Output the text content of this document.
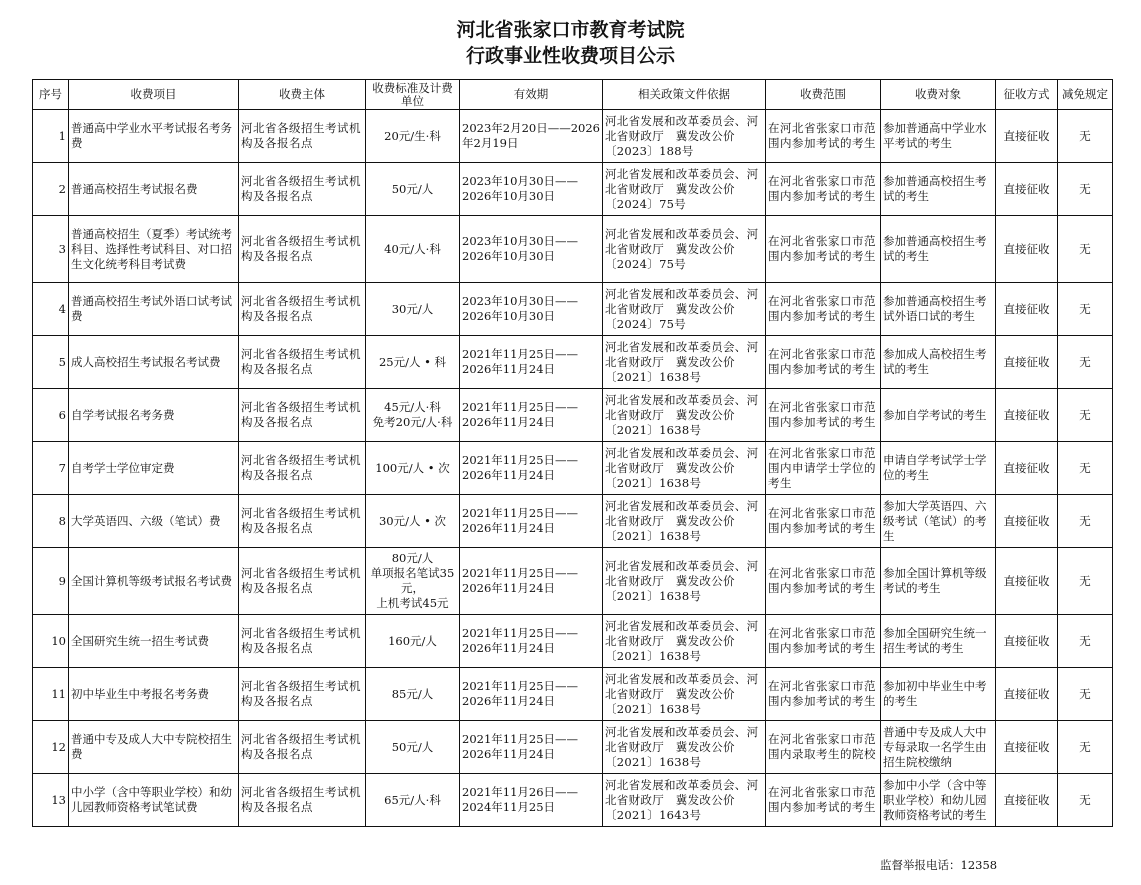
河北省张家口市教育考试院
行政事业性收费项目公示
序号	收费项目	收费主体	收费标准及计费单位	有效期	相关政策文件依据	收费范围	收费对象	征收方式	减免规定
1	普通高中学业水平考试报名考务费	河北省各级招生考试机构及各报名点	20元/生·科	2023年2月20日——2026年2月19日	河北省发展和改革委员会、河北省财政厅　冀发改公价〔2023〕188号	在河北省张家口市范围内参加考试的考生	参加普通高中学业水平考试的考生	直接征收	无
2	普通高校招生考试报名费	河北省各级招生考试机构及各报名点	50元/人	2023年10月30日——2026年10月30日	河北省发展和改革委员会、河北省财政厅　冀发改公价〔2024〕75号	在河北省张家口市范围内参加考试的考生	参加普通高校招生考试的考生	直接征收	无
3	普通高校招生（夏季）考试统考科目、选择性考试科目、对口招生文化统考科目考试费	河北省各级招生考试机构及各报名点	40元/人·科	2023年10月30日——2026年10月30日	河北省发展和改革委员会、河北省财政厅　冀发改公价〔2024〕75号	在河北省张家口市范围内参加考试的考生	参加普通高校招生考试的考生	直接征收	无
4	普通高校招生考试外语口试考试费	河北省各级招生考试机构及各报名点	30元/人	2023年10月30日——2026年10月30日	河北省发展和改革委员会、河北省财政厅　冀发改公价〔2024〕75号	在河北省张家口市范围内参加考试的考生	参加普通高校招生考试外语口试的考生	直接征收	无
5	成人高校招生考试报名考试费	河北省各级招生考试机构及各报名点	25元/人 • 科	2021年11月25日——2026年11月24日	河北省发展和改革委员会、河北省财政厅　冀发改公价〔2021〕1638号	在河北省张家口市范围内参加考试的考生	参加成人高校招生考试的考生	直接征收	无
6	自学考试报名考务费	河北省各级招生考试机构及各报名点	45元/人·科
免考20元/人·科	2021年11月25日——2026年11月24日	河北省发展和改革委员会、河北省财政厅　冀发改公价〔2021〕1638号	在河北省张家口市范围内参加考试的考生	参加自学考试的考生	直接征收	无
7	自考学士学位审定费	河北省各级招生考试机构及各报名点	100元/人 • 次	2021年11月25日——2026年11月24日	河北省发展和改革委员会、河北省财政厅　冀发改公价〔2021〕1638号	在河北省张家口市范围内申请学士学位的考生	申请自学考试学士学位的考生	直接征收	无
8	大学英语四、六级（笔试）费	河北省各级招生考试机构及各报名点	30元/人 • 次	2021年11月25日——2026年11月24日	河北省发展和改革委员会、河北省财政厅　冀发改公价〔2021〕1638号	在河北省张家口市范围内参加考试的考生	参加大学英语四、六级考试（笔试）的考生	直接征收	无
9	全国计算机等级考试报名考试费	河北省各级招生考试机构及各报名点	80元/人
单项报名笔试35元，
上机考试45元	2021年11月25日——2026年11月24日	河北省发展和改革委员会、河北省财政厅　冀发改公价〔2021〕1638号	在河北省张家口市范围内参加考试的考生	参加全国计算机等级考试的考生	直接征收	无
10	全国研究生统一招生考试费	河北省各级招生考试机构及各报名点	160元/人	2021年11月25日——2026年11月24日	河北省发展和改革委员会、河北省财政厅　冀发改公价〔2021〕1638号	在河北省张家口市范围内参加考试的考生	参加全国研究生统一招生考试的考生	直接征收	无
11	初中毕业生中考报名考务费	河北省各级招生考试机构及各报名点	85元/人	2021年11月25日——2026年11月24日	河北省发展和改革委员会、河北省财政厅　冀发改公价〔2021〕1638号	在河北省张家口市范围内参加考试的考生	参加初中毕业生中考的考生	直接征收	无
12	普通中专及成人大中专院校招生费	河北省各级招生考试机构及各报名点	50元/人	2021年11月25日——2026年11月24日	河北省发展和改革委员会、河北省财政厅　冀发改公价〔2021〕1638号	在河北省张家口市范围内录取考生的院校	普通中专及成人大中专每录取一名学生由招生院校缴纳	直接征收	无
13	中小学（含中等职业学校）和幼儿园教师资格考试笔试费	河北省各级招生考试机构及各报名点	65元/人·科	2021年11月26日——2024年11月25日	河北省发展和改革委员会、河北省财政厅　冀发改公价〔2021〕1643号	在河北省张家口市范围内参加考试的考生	参加中小学（含中等职业学校）和幼儿园教师资格考试的考生	直接征收	无
监督举报电话：12358
